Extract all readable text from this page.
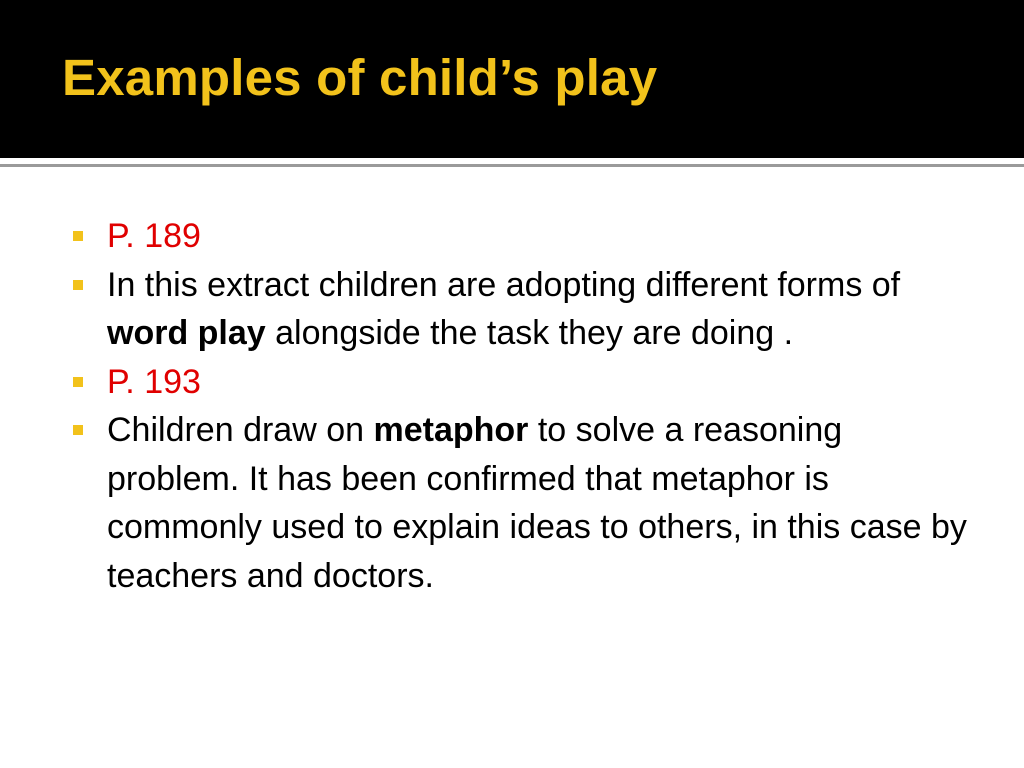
Examples of child’s play
P. 189
In this extract children are adopting different forms of word play alongside the task they are doing .
P. 193
Children draw on metaphor to solve a reasoning problem. It has been confirmed that metaphor is commonly used to explain ideas to others, in this case by teachers and doctors.
